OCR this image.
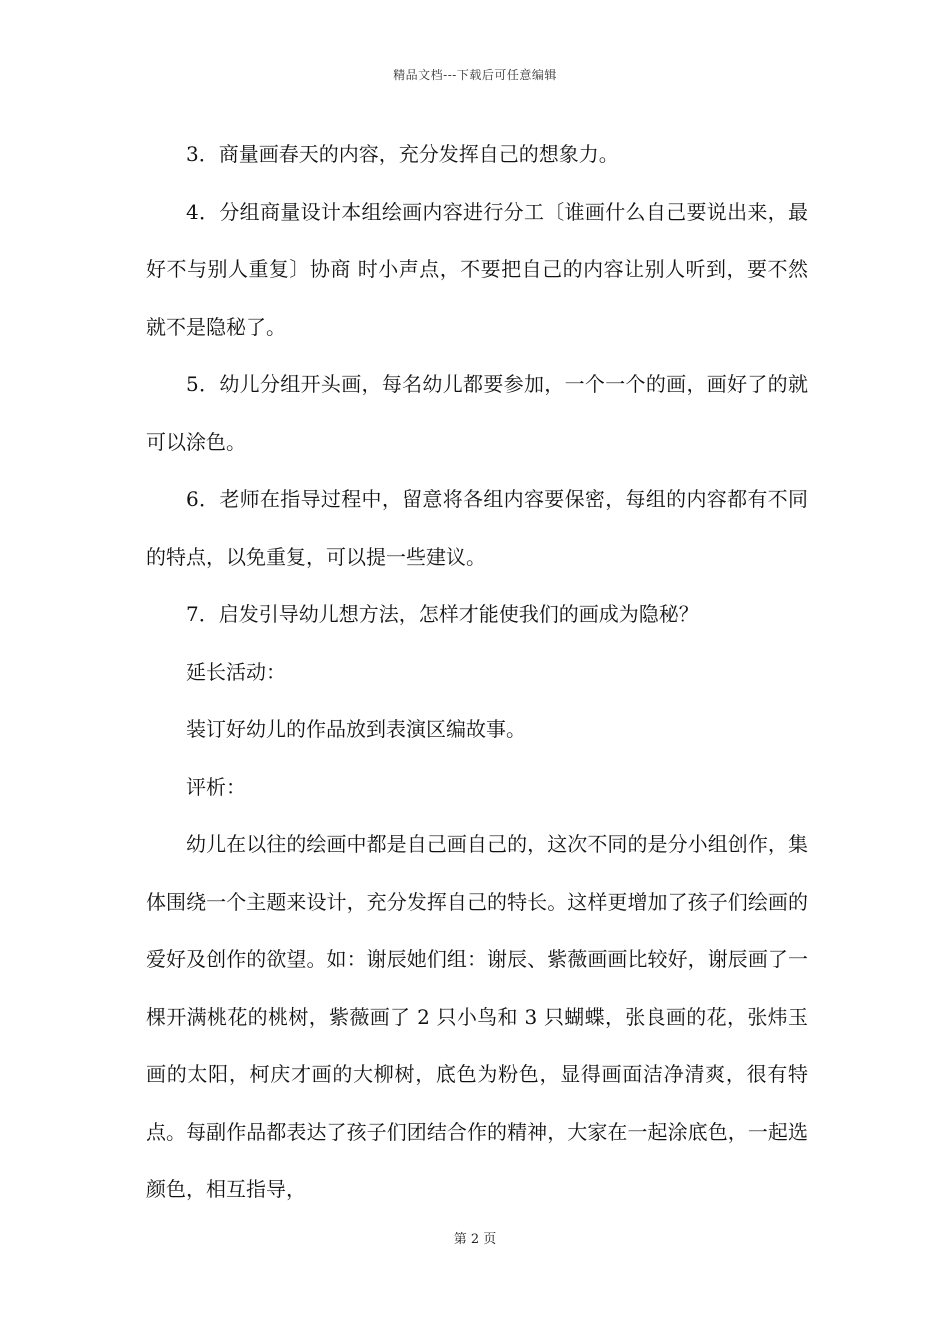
精品文档---下载后可任意编辑

3．商量画春天的内容，充分发挥自己的想象力。

4．分组商量设计本组绘画内容进行分工〔谁画什么自己要说出来，最好不与别人重复〕协商 时小声点，不要把自己的内容让别人听到，要不然就不是隐秘了。

5．幼儿分组开头画，每名幼儿都要参加，一个一个的画，画好了的就可以涂色。

6．老师在指导过程中，留意将各组内容要保密，每组的内容都有不同的特点，以免重复，可以提一些建议。

7．启发引导幼儿想方法，怎样才能使我们的画成为隐秘？

延长活动：

装订好幼儿的作品放到表演区编故事。

评析：

幼儿在以往的绘画中都是自己画自己的，这次不同的是分小组创作，集体围绕一个主题来设计，充分发挥自己的特长。这样更增加了孩子们绘画的爱好及创作的欲望。如：谢辰她们组：谢辰、紫薇画画比较好，谢辰画了一棵开满桃花的桃树，紫薇画了 2 只小鸟和 3 只蝴蝶，张良画的花，张炜玉画的太阳，柯庆才画的大柳树，底色为粉色，显得画面洁净清爽，很有特点。每副作品都表达了孩子们团结合作的精神，大家在一起涂底色，一起选颜色，相互指导，

第 2 页
